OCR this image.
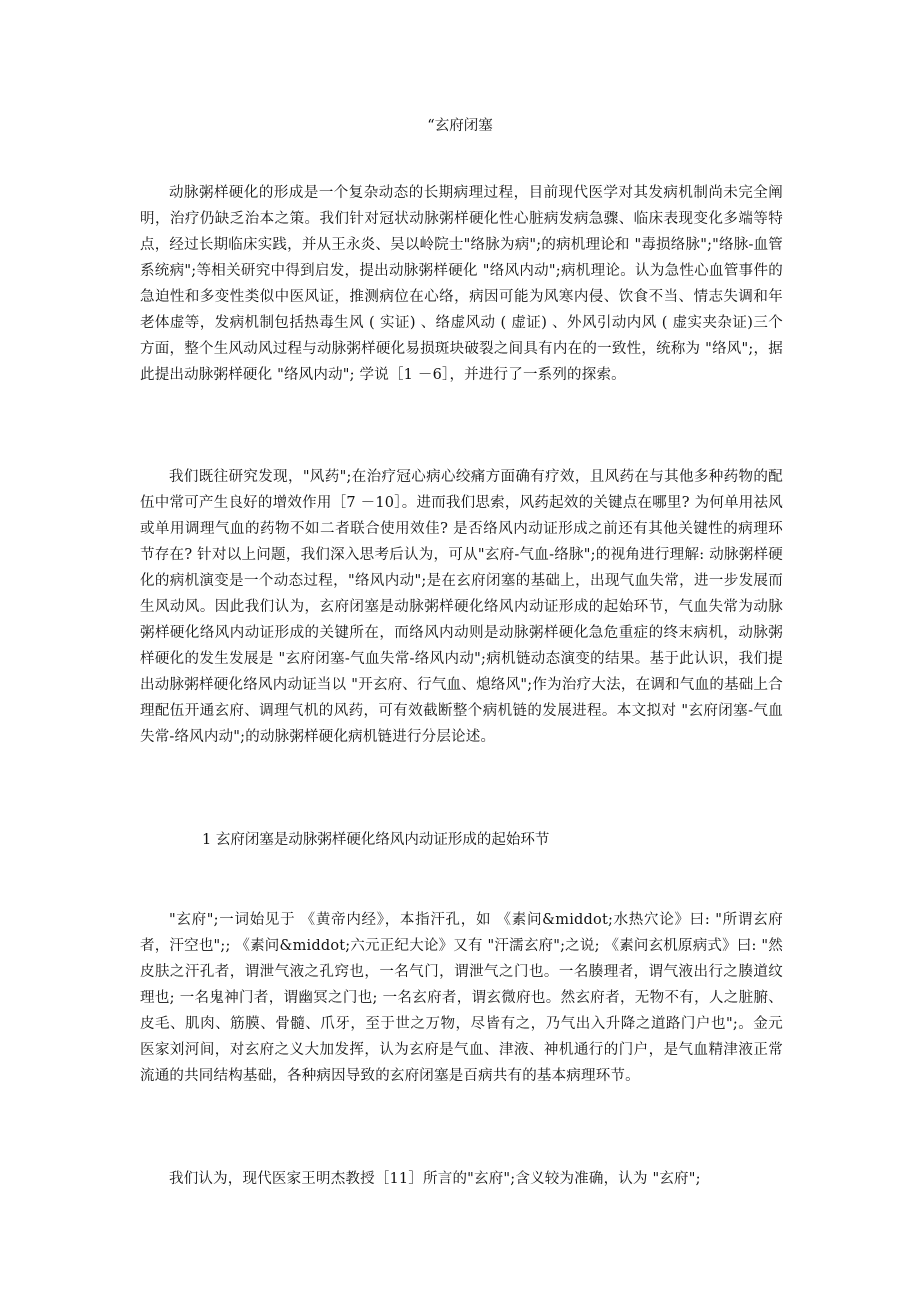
“玄府闭塞

动脉粥样硬化的形成是一个复杂动态的长期病理过程，目前现代医学对其发病机制尚未完全阐明，治疗仍缺乏治本之策。我们针对冠状动脉粥样硬化性心脏病发病急骤、临床表现变化多端等特点，经过长期临床实践，并从王永炎、吴以岭院士"络脉为病";的病机理论和 "毒损络脉";"络脉-血管系统病";等相关研究中得到启发，提出动脉粥样硬化 "络风内动";病机理论。认为急性心血管事件的急迫性和多变性类似中医风证，推测病位在心络，病因可能为风寒内侵、饮食不当、情志失调和年老体虚等，发病机制包括热毒生风 ( 实证) 、络虚风动 ( 虚证) 、外风引动内风 ( 虚实夹杂证)三个方面，整个生风动风过程与动脉粥样硬化易损斑块破裂之间具有内在的一致性，统称为 "络风";，据此提出动脉粥样硬化 "络风内动"; 学说［1 －6］，并进行了一系列的探索。

我们既往研究发现，"风药";在治疗冠心病心绞痛方面确有疗效，且风药在与其他多种药物的配伍中常可产生良好的增效作用［7 －10］。进而我们思索，风药起效的关键点在哪里? 为何单用祛风或单用调理气血的药物不如二者联合使用效佳? 是否络风内动证形成之前还有其他关键性的病理环节存在? 针对以上问题，我们深入思考后认为，可从"玄府-气血-络脉";的视角进行理解: 动脉粥样硬化的病机演变是一个动态过程，"络风内动";是在玄府闭塞的基础上，出现气血失常，进一步发展而生风动风。因此我们认为，玄府闭塞是动脉粥样硬化络风内动证形成的起始环节，气血失常为动脉粥样硬化络风内动证形成的关键所在，而络风内动则是动脉粥样硬化急危重症的终末病机，动脉粥样硬化的发生发展是 "玄府闭塞-气血失常-络风内动";病机链动态演变的结果。基于此认识，我们提出动脉粥样硬化络风内动证当以 "开玄府、行气血、熄络风";作为治疗大法，在调和气血的基础上合理配伍开通玄府、调理气机的风药，可有效截断整个病机链的发展进程。本文拟对 "玄府闭塞-气血失常-络风内动";的动脉粥样硬化病机链进行分层论述。

1 玄府闭塞是动脉粥样硬化络风内动证形成的起始环节

"玄府";一词始见于 《黄帝内经》，本指汗孔，如 《素问&middot;水热穴论》曰: "所谓玄府者，汗空也";; 《素问&middot;六元正纪大论》又有 "汗濡玄府";之说; 《素问玄机原病式》曰: "然皮肤之汗孔者，谓泄气液之孔窍也，一名气门，谓泄气之门也。一名腠理者，谓气液出行之腠道纹理也; 一名鬼神门者，谓幽冥之门也; 一名玄府者，谓玄微府也。然玄府者，无物不有，人之脏腑、皮毛、肌肉、筋膜、骨髓、爪牙，至于世之万物，尽皆有之，乃气出入升降之道路门户也";。金元医家刘河间，对玄府之义大加发挥，认为玄府是气血、津液、神机通行的门户，是气血精津液正常流通的共同结构基础，各种病因导致的玄府闭塞是百病共有的基本病理环节。

我们认为，现代医家王明杰教授［11］所言的"玄府";含义较为准确，认为 "玄府";
